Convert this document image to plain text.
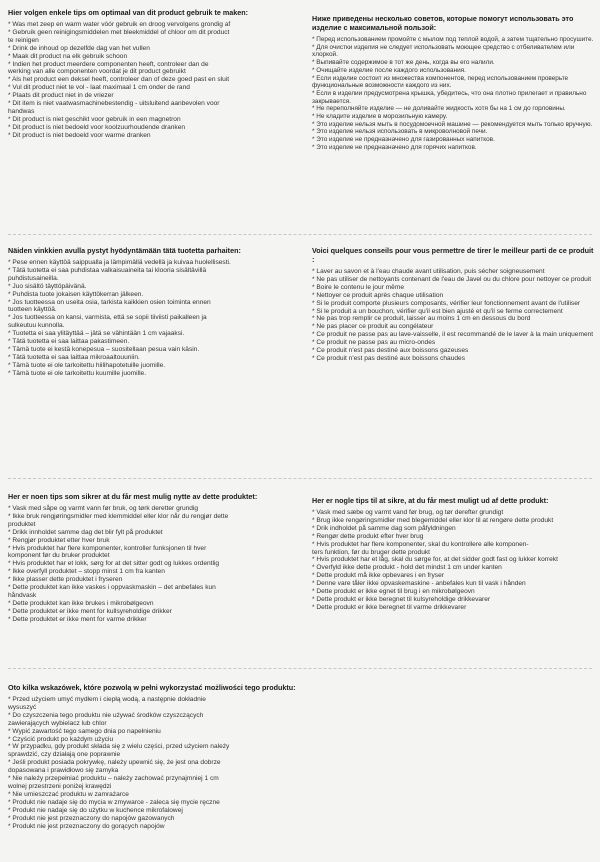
Hier volgen enkele tips om optimaal van dit product gebruik te maken:
* Was met zeep en warm water vóór gebruik en droog vervolgens grondig af
* Gebruik geen reinigingsmiddelen met bleekmiddel of chloor om dit product
te reinigen
* Drink de inhoud op dezelfde dag van het vullen
* Maak dit product na elk gebruik schoon
* Indien het product meerdere componenten heeft, controleer dan de
werking van alle componenten voordat je dit product gebruikt
* Als het product een deksel heeft, controleer dan of deze goed past en sluit
* Vul dit product niet te vol - laat maximaal 1 cm onder de rand
* Plaats dit product niet in de vriezer
* Dit item is niet vaatwasmachinebestendig - uitsluitend aanbevolen voor
handwas
* Dit product is niet geschikt voor gebruik in een magnetron
* Dit product is niet bedoeld voor koolzuurhoudende dranken
* Dit product is niet bedoeld voor warme dranken
Ниже приведены несколько советов, которые помогут использовать это изделие с максимальной пользой:
* Перед использованием промойте с мылом под теплой водой, а затем тщательно просушите.
* Для очистки изделия не следует использовать моющее средство с отбеливателем или хлоркой.
* Выпивайте содержимое в тот же день, когда вы его налили.
* Очищайте изделие после каждого использования.
* Если изделие состоит из множества компонентов, перед использованием проверьте функциональные возможности каждого из них.
* Если в изделии предусмотрена крышка, убедитесь, что она плотно прилегает и правильно закрывается.
* Не переполняйте изделие — не доливайте жидкость хотя бы на 1 см до горловины.
* Не кладите изделие в морозильную камеру.
* Это изделие нельзя мыть в посудомоечной машине — рекомендуется мыть только вручную.
* Это изделие нельзя использовать в микроволновой печи.
* Это изделие не предназначено для газированных напитков.
* Это изделие не предназначено для горячих напитков.
Näiden vinkkien avulla pystyt hyödyntämään tätä tuotetta parhaiten:
* Pese ennen käyttöä saippualla ja lämpimällä vedellä ja kuivaa huolellisesti.
* Tätä tuotetta ei saa puhdistaa valkaisuaineita tai klooria sisältävillä
puhdistusaineilla.
* Juo sisältö täyttöpäivänä.
* Puhdista tuote jokaisen käyttökerran jälkeen.
* Jos tuotteessa on useita osia, tarkista kaikkien osien toiminta ennen
tuotteen käyttöä.
* Jos tuotteessa on kansi, varmista, että se sopii tiiviisti paikalleen ja
sulkeutuu kunnolla.
* Tuotetta ei saa ylitäyttää – jätä se vähintään 1 cm vajaaksi.
* Tätä tuotetta ei saa laittaa pakastimeen.
* Tämä tuote ei kestä konepesua – suositellaan pesua vain käsin.
* Tätä tuotetta ei saa laittaa mikroaaltouuniin.
* Tämä tuote ei ole tarkoitettu hiilihapotetuille juomille.
* Tämä tuote ei ole tarkoitettu kuumille juomille.
Voici quelques conseils pour vous permettre de tirer le meilleur parti de ce produit :
* Laver au savon et à l'eau chaude avant utilisation, puis sécher soigneusement
* Ne pas utiliser de nettoyants contenant de l'eau de Javel ou du chlore pour nettoyer ce produit
* Boire le contenu le jour même
* Nettoyer ce produit après chaque utilisation
* Si le produit comporte plusieurs composants, vérifier leur fonctionnement avant de l'utiliser
* Si le produit a un bouchon, vérifier qu'il est bien ajusté et qu'il se ferme correctement
* Ne pas trop remplir ce produit, laisser au moins 1 cm en dessous du bord
* Ne pas placer ce produit au congélateur
* Ce produit ne passe pas au lave-vaisselle, il est recommandé de le laver à la main uniquement
* Ce produit ne passe pas au micro-ondes
* Ce produit n'est pas destiné aux boissons gazeuses
* Ce produit n'est pas destiné aux boissons chaudes
Her er noen tips som sikrer at du får mest mulig nytte av dette produktet:
* Vask med såpe og varmt vann før bruk, og tørk deretter grundig
* Ikke bruk rengjøringsmidler med klemmiddel eller klor når du rengjør dette
produktet
* Drikk innholdet samme dag det blir fylt på produktet
* Rengjør produktet etter hver bruk
* Hvis produktet har flere komponenter, kontroller funksjonen til hver
komponent før du bruker produktet
* Hvis produktet har et lokk, sørg for at det sitter godt og lukkes ordentlig
* Ikke overfyll produktet – stopp minst 1 cm fra kanten
* Ikke plasser dette produktet i fryseren
* Dette produktet kan ikke vaskes i oppvaskmaskin – det anbefales kun
håndvask
* Dette produktet kan ikke brukes i mikrobølgeovn
* Dette produktet er ikke ment for kullsyreholdige drikker
* Dette produktet er ikke ment for varme drikker
Her er nogle tips til at sikre, at du får mest muligt ud af dette produkt:
* Vask med sæbe og varmt vand før brug, og tør derefter grundigt
* Brug ikke rengøringsmidler med blegemiddel eller klor til at rengøre dette produkt
* Drik indholdet på samme dag som påfyldningen
* Rengør dette produkt efter hver brug
* Hvis produktet har flere komponenter, skal du kontrollere alle komponen-
ters funktion, før du bruger dette produkt
* Hvis produktet har et låg, skal du sørge for, at det sidder godt fast og lukker korrekt
* Overfyld ikke dette produkt - hold det mindst 1 cm under kanten
* Dette produkt må ikke opbevares i en fryser
* Denne vare tåler ikke opvaskemaskine - anbefales kun til vask i hånden
* Dette produkt er ikke egnet til brug i en mikrobølgeovn
* Dette produkt er ikke beregnet til kulsyreholdige drikkevarer
* Dette produkt er ikke beregnet til varme drikkevarer
Oto kilka wskazówek, które pozwolą w pełni wykorzystać możliwości tego produktu:
* Przed użyciem umyć mydłem i ciepłą wodą, a następnie dokładnie
wysuszyć
* Do czyszczenia tego produktu nie używać środków czyszczących
zawierających wybielacz lub chlor
* Wypić zawartość tego samego dnia po napełnieniu
* Czyścić produkt po każdym użyciu
* W przypadku, gdy produkt składa się z wielu części, przed użyciem należy
sprawdzić, czy działają one poprawnie
* Jeśli produkt posiada pokrywkę, należy upewnić się, że jest ona dobrze
dopasowana i prawidłowo się zamyka
* Nie należy przepełniać produktu – należy zachować przynajmniej 1 cm
wolnej przestrzeni poniżej krawędzi
* Nie umieszczać produktu w zamrażarce
* Produkt nie nadaje się do mycia w zmywarce - zaleca się mycie ręczne
* Produkt nie nadaje się do użytku w kuchence mikrofalowej
* Produkt nie jest przeznaczony do napojów gazowanych
* Produkt nie jest przeznaczony do gorących napojów
